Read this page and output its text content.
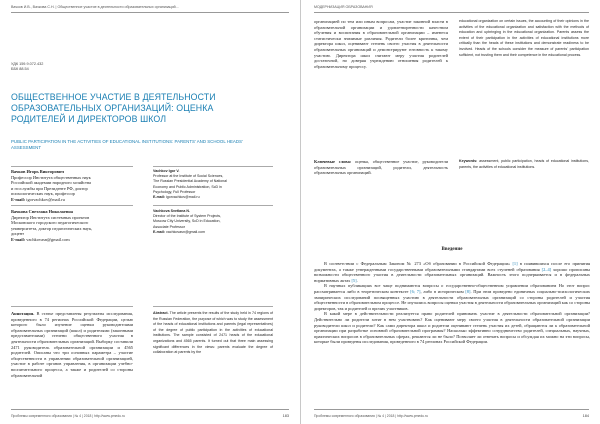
Вачков И.В., Вачкова С.Н. | Общественное участие в деятельности образовательных организаций...
УДК 159.9.072.432
ББК 88.54
ОБЩЕСТВЕННОЕ УЧАСТИЕ В ДЕЯТЕЛЬНОСТИ ОБРАЗОВАТЕЛЬНЫХ ОРГАНИЗАЦИЙ: ОЦЕНКА РОДИТЕЛЕЙ И ДИРЕКТОРОВ ШКОЛ
PUBLIC PARTICIPATION IN THE ACTIVITIES OF EDUCATIONAL INSTITUTIONS: PARENTS’ AND SCHOOL HEADS’ ASSESSMENT
Вачков Игорь Викторович
Профессор Института общественных наук
Российской академии народного хозяйства
и госслужбы при Президенте РФ, доктор
психологических наук, профессор
E-mail: igorvachkov@mail.ru
Vachkov Igor V.
Professor at the Institute of Social Sciences,
The Russian Presidential Academy of National
Economy and Public Administration, ScD in
Psychology, Full Professor
E-mail: igorvachkov@mail.ru
Вачкова Светлана Николаевна
Директор Института системных проектов
Московского городского педагогического
университета, доктор педагогических наук,
доцент
E-mail: vachkovasn@gmail.com
Vachkova Svetlana N.
Director of the Institute of System Projects,
Moscow City University, ScD in Education,
Associate Professor
E-mail: vachkovasn@gmail.com
Аннотация. В статье представлены результаты исследования, проведенного в 74 регионах Российской Федерации, целью которого было изучение оценки руководителями образовательных организаций (школ) и родителями (законными представителями) степени общественного участия в деятельности образовательных организаций. Выборку составили 2471 руководитель образовательной организации и 4565 родителей. Описаны что три основных параметра – участие общественности в управлении образовательной организацией, участие в работе органов управления, в организации учебно-воспитательного процесса, а также и родителей со стороны образовательной
Abstract. The article presents the results of the study held in 74 regions of the Russian Federation, the purpose of which was to study the assessment of the heads of educational institutions and parents (legal representatives) of the degree of public participation in the activities of educational institutions. The sample consisted of 2471 heads of the educational organizations and 4565 parents. It turned out that three main assessing significant differences in the views: parents evaluate the degree of collaboration at parents by the
Проблемы современного образования | № 4 | 2018 | http://www.pmedu.ru	183
МОДЕРНИЗАЦИЯ ОБРАЗОВАНИЯ
организацией по тем или иным вопросам, участие законной власти в образовательной организации и удовлетворенности качеством обучения и воспитания в образовательной организации – имеются статистически значимые различия. Родители более критичны, чем директора школ, оценивают степень своего участия в деятельности образовательных организаций и демонстрируют готовность к такому участию. Директора школ считают меру участия родителей достаточной, но доверяя учреждению отношения родителей к образовательному процессу.
educational organization on certain issues, the accounting of their opinions in the activities of the educational organization and satisfaction with the methods of education and upbringing in the educational organization. Parents assess the extent of their participation in the activities of educational institutions more critically than the heads of these institutions and demonstrate readiness to be involved. Heads of the schools consider the measure of parents' participation sufficient, not trusting them and their competence in the educational process.
Ключевые слова: оценка, общественное участие, руководители образовательных организаций, родители, деятельность образовательных организаций.
Keywords: assessment, public participation, heads of educational institutions, parents, the activities of educational institutions.
Введение

В соответствии с Федеральным Законом № 273 «Об образовании в Российской Федерации» [1] в появившихся после его принятия документах, а также утвержденными государственными образовательными стандартами всех ступеней образования [2–4] хорошо прописаны возможности общественного участия в деятельности образовательных организаций. Важность этого подчеркивается и в федеральных нормативных актах [5].

В научных публикациях все чаще поднимаются вопросы о государственно-общественном управлении образованием Но этот вопрос рассматривается либо в теоретическом контексте [6; 7], либо в историческом [8]. При этом проведено единичных социально-психологических эмпирических исследований посвященных участию в деятельности образовательных организаций со стороны родителей и участия общественности в образовательном процессе. Не изучались вопросы оценки участия в деятельности образовательных организаций как со стороны директоров, так и родителей и прочих участников.

В какой мере в действительности реализуется право родителей принимать участие в деятельности образовательной организации? Действительно ли родители хотят в нем участвовать? Как оценивают меру своего участия в деятельности образовательной организации руководители школ и родители? Как сами директора школ и родители оценивают степень участия их детей, обращаются ли к образовательной организации при разработке основной образовательной программы? Насколько эффективно сотрудничество родителей, специальных, научных, практических вопросов в образовательных сферах, решаются ли не было? Позволяет ли отвечать вопросы и обсуждая их можно на эти вопросы, которые были проведены исследования, проведенного в 74 регионах Российской Федерации.

Проблемы современного образования | № 4 | 2018 | http://www.pmedu.ru	184
